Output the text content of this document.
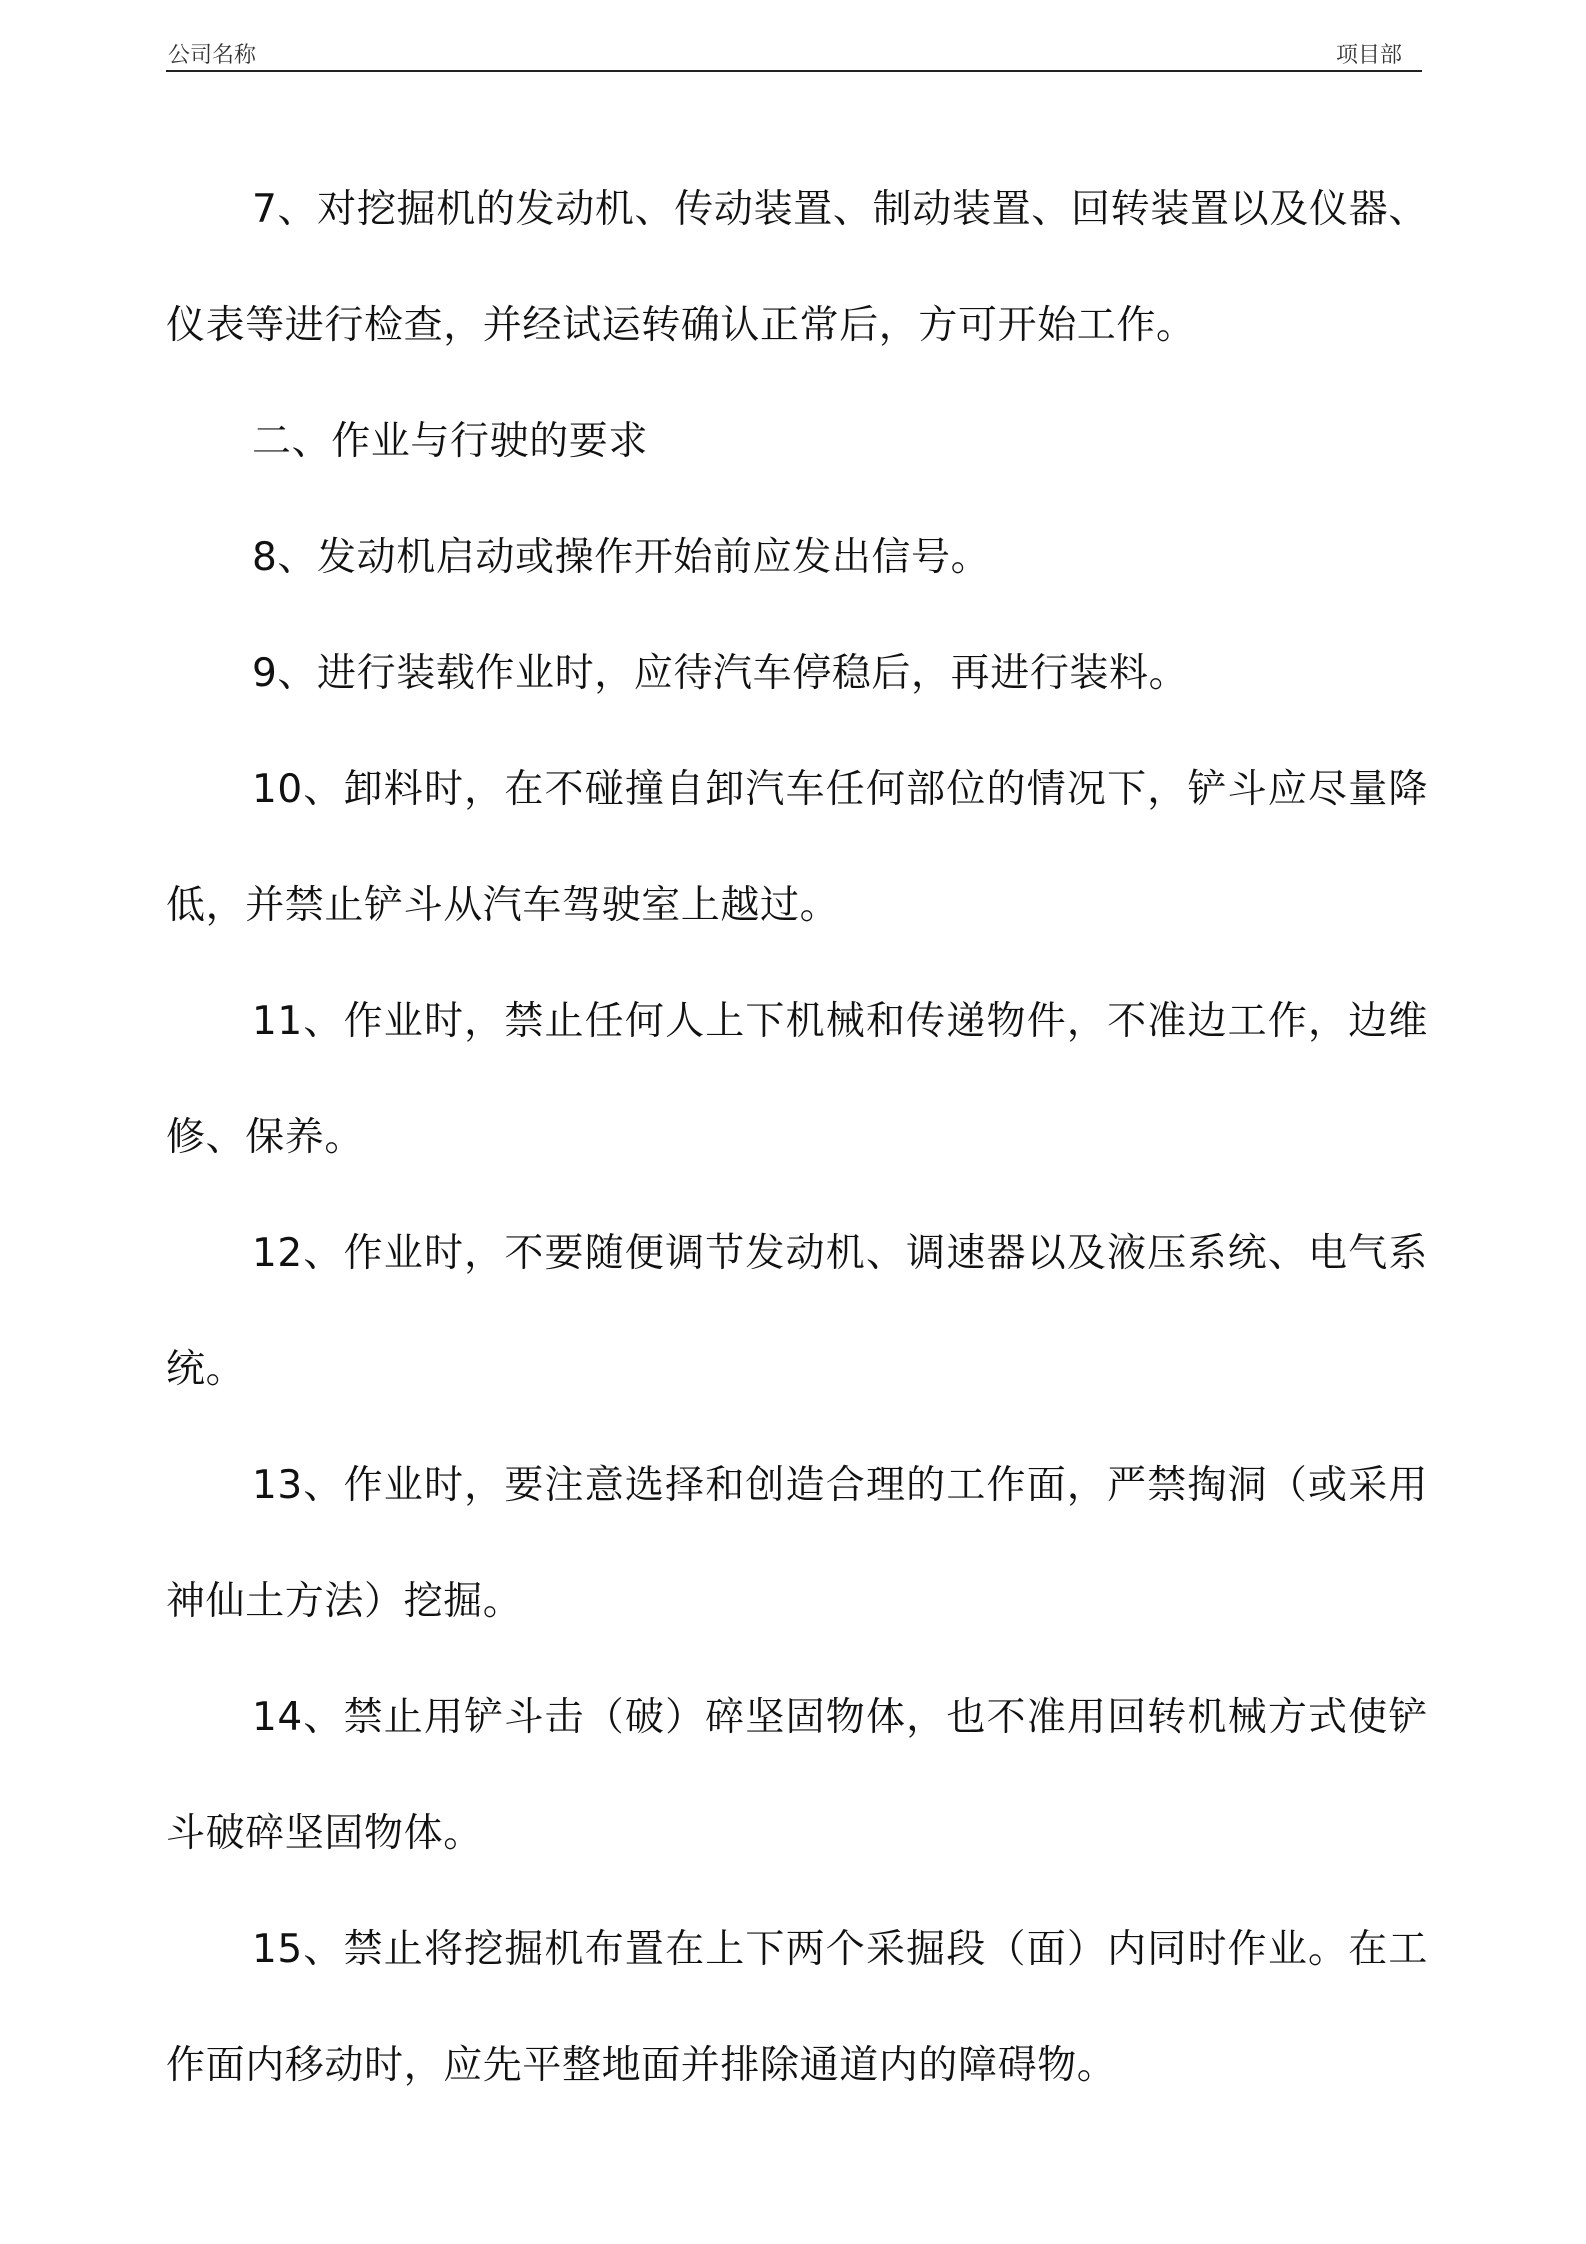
公司名称	项目部

7、对挖掘机的发动机、传动装置、制动装置、回转装置以及仪器、仪表等进行检查，并经试运转确认正常后，方可开始工作。

二、作业与行驶的要求

8、发动机启动或操作开始前应发出信号。

9、进行装载作业时，应待汽车停稳后，再进行装料。

10、卸料时，在不碰撞自卸汽车任何部位的情况下，铲斗应尽量降低，并禁止铲斗从汽车驾驶室上越过。

11、作业时，禁止任何人上下机械和传递物件，不准边工作，边维修、保养。

12、作业时，不要随便调节发动机、调速器以及液压系统、电气系统。

13、作业时，要注意选择和创造合理的工作面，严禁掏洞（或采用神仙土方法）挖掘。

14、禁止用铲斗击（破）碎坚固物体，也不准用回转机械方式使铲斗破碎坚固物体。

15、禁止将挖掘机布置在上下两个采掘段（面）内同时作业。在工作面内移动时，应先平整地面并排除通道内的障碍物。
